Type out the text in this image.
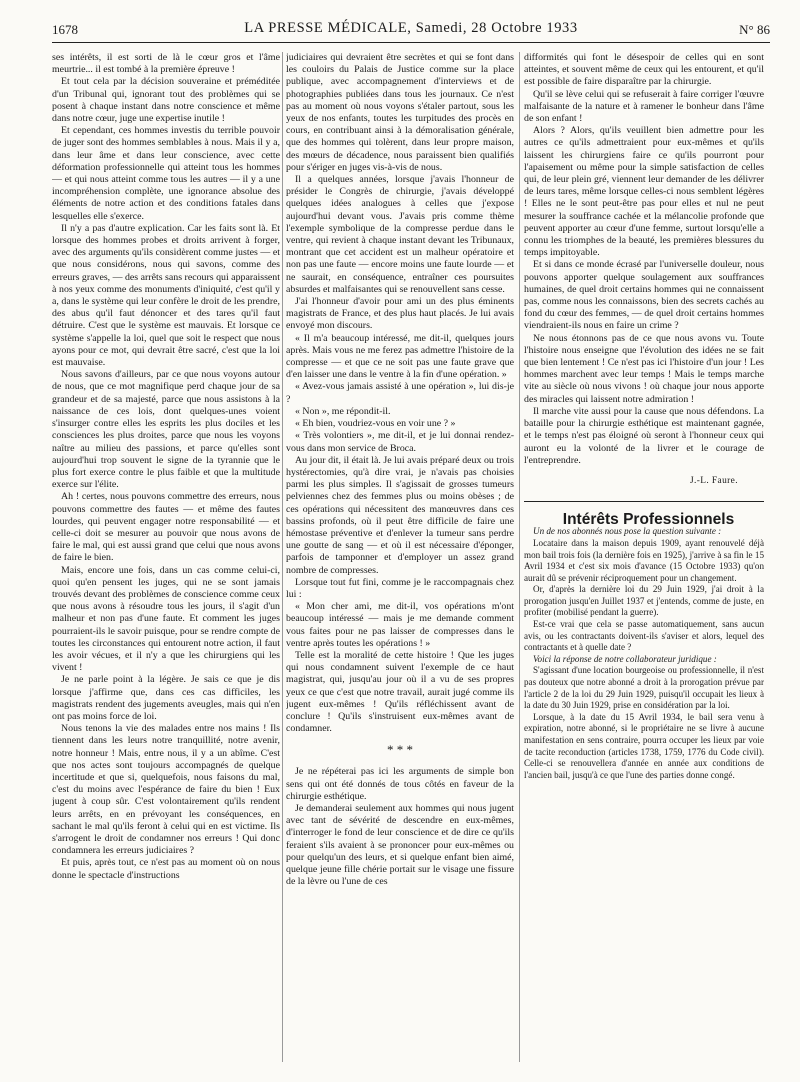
1678	LA PRESSE MÉDICALE, Samedi, 28 Octobre 1933	N° 86

ses intérêts, il est sorti de là le cœur gros et l'âme meurtrie... il est tombé à la première épreuve !

Et tout cela par la décision souveraine et préméditée d'un Tribunal qui, ignorant tout des problèmes qui se posent à chaque instant dans notre conscience et même dans notre cœur, juge une expertise inutile !

Et cependant, ces hommes investis du terrible pouvoir de juger sont des hommes semblables à nous. Mais il y a, dans leur âme et dans leur conscience, avec cette déformation professionnelle qui atteint tous les hommes — et qui nous atteint comme tous les autres — il y a une incompréhension complète, une ignorance absolue des éléments de notre action et des conditions fatales dans lesquelles elle s'exerce.

Il n'y a pas d'autre explication. Car les faits sont là. Et lorsque des hommes probes et droits arrivent à forger, avec des arguments qu'ils considèrent comme justes — et que nous considérons, nous qui savons, comme des erreurs graves, — des arrêts sans recours qui apparaissent à nos yeux comme des monuments d'iniquité, c'est qu'il y a, dans le système qui leur confère le droit de les prendre, des abus qu'il faut dénoncer et des tares qu'il faut détruire. C'est que le système est mauvais. Et lorsque ce système s'appelle la loi, quel que soit le respect que nous ayons pour ce mot, qui devrait être sacré, c'est que la loi est mauvaise.

Nous savons d'ailleurs, par ce que nous voyons autour de nous, que ce mot magnifique perd chaque jour de sa grandeur et de sa majesté, parce que nous assistons à la naissance de ces lois, dont quelques-unes voient s'insurger contre elles les esprits les plus dociles et les consciences les plus droites, parce que nous les voyons naître au milieu des passions, et parce qu'elles sont aujourd'hui trop souvent le signe de la tyrannie que le plus fort exerce contre le plus faible et que la multitude exerce sur l'élite.

Ah ! certes, nous pouvons commettre des erreurs, nous pouvons commettre des fautes — et même des fautes lourdes, qui peuvent engager notre responsabilité — et celle-ci doit se mesurer au pouvoir que nous avons de faire le mal, qui est aussi grand que celui que nous avons de faire le bien.

Mais, encore une fois, dans un cas comme celui-ci, quoi qu'en pensent les juges, qui ne se sont jamais trouvés devant des problèmes de conscience comme ceux que nous avons à résoudre tous les jours, il s'agit d'un malheur et non pas d'une faute. Et comment les juges pourraient-ils le savoir puisque, pour se rendre compte de toutes les circonstances qui entourent notre action, il faut les avoir vécues, et il n'y a que les chirurgiens qui les vivent !

Je ne parle point à la légère. Je sais ce que je dis lorsque j'affirme que, dans ces cas difficiles, les magistrats rendent des jugements aveugles, mais qui n'en ont pas moins force de loi.

Nous tenons la vie des malades entre nos mains ! Ils tiennent dans les leurs notre tranquillité, notre avenir, notre honneur ! Mais, entre nous, il y a un abîme. C'est que nos actes sont toujours accompagnés de quelque incertitude et que si, quelquefois, nous faisons du mal, c'est du moins avec l'espérance de faire du bien ! Eux jugent à coup sûr. C'est volontairement qu'ils rendent leurs arrêts, en en prévoyant les conséquences, en sachant le mal qu'ils feront à celui qui en est victime. Ils s'arrogent le droit de condamner nos erreurs ! Qui donc condamnera les erreurs judiciaires ?

Et puis, après tout, ce n'est pas au moment où on nous donne le spectacle d'instructions

judiciaires qui devraient être secrètes et qui se font dans les couloirs du Palais de Justice comme sur la place publique, avec accompagnement d'interviews et de photographies publiées dans tous les journaux. Ce n'est pas au moment où nous voyons s'étaler partout, sous les yeux de nos enfants, toutes les turpitudes des procès en cours, en contribuant ainsi à la démoralisation générale, que des hommes qui tolèrent, dans leur propre maison, des mœurs de décadence, nous paraissent bien qualifiés pour s'ériger en juges vis-à-vis de nous.

Il a quelques années, lorsque j'avais l'honneur de présider le Congrès de chirurgie, j'avais développé quelques idées analogues à celles que j'expose aujourd'hui devant vous. J'avais pris comme thème l'exemple symbolique de la compresse perdue dans le ventre, qui revient à chaque instant devant les Tribunaux, montrant que cet accident est un malheur opératoire et non pas une faute — encore moins une faute lourde — et ne saurait, en conséquence, entraîner ces poursuites absurdes et malfaisantes qui se renouvellent sans cesse.

J'ai l'honneur d'avoir pour ami un des plus éminents magistrats de France, et des plus haut placés. Je lui avais envoyé mon discours.

« Il m'a beaucoup intéressé, me dit-il, quelques jours après. Mais vous ne me ferez pas admettre l'histoire de la compresse — et que ce ne soit pas une faute grave que d'en laisser une dans le ventre à la fin d'une opération. »

« Avez-vous jamais assisté à une opération », lui dis-je ?

« Non », me répondit-il.

« Eh bien, voudriez-vous en voir une ? »

« Très volontiers », me dit-il, et je lui donnai rendez-vous dans mon service de Broca.

Au jour dit, il était là. Je lui avais préparé deux ou trois hystérectomies, qu'à dire vrai, je n'avais pas choisies parmi les plus simples. Il s'agissait de grosses tumeurs pelviennes chez des femmes plus ou moins obèses ; de ces opérations qui nécessitent des manœuvres dans ces bassins profonds, où il peut être difficile de faire une hémostase préventive et d'enlever la tumeur sans perdre une goutte de sang — et où il est nécessaire d'éponger, parfois de tamponner et d'employer un assez grand nombre de compresses.

Lorsque tout fut fini, comme je le raccompagnais chez lui :

« Mon cher ami, me dit-il, vos opérations m'ont beaucoup intéressé — mais je me demande comment vous faites pour ne pas laisser de compresses dans le ventre après toutes les opérations ! »

Telle est la moralité de cette histoire ! Que les juges qui nous condamnent suivent l'exemple de ce haut magistrat, qui, jusqu'au jour où il a vu de ses propres yeux ce que c'est que notre travail, aurait jugé comme ils jugent eux-mêmes ! Qu'ils réfléchissent avant de conclure ! Qu'ils s'instruisent eux-mêmes avant de condamner.

* * *

Je ne répéterai pas ici les arguments de simple bon sens qui ont été donnés de tous côtés en faveur de la chirurgie esthétique.

Je demanderai seulement aux hommes qui nous jugent avec tant de sévérité de descendre en eux-mêmes, d'interroger le fond de leur conscience et de dire ce qu'ils feraient s'ils avaient à se prononcer pour eux-mêmes ou pour quelqu'un des leurs, et si quelque enfant bien aimé, quelque jeune fille chérie portait sur le visage une fissure de la lèvre ou l'une de ces

difformités qui font le désespoir de celles qui en sont atteintes, et souvent même de ceux qui les entourent, et qu'il est possible de faire disparaître par la chirurgie.

Qu'il se lève celui qui se refuserait à faire corriger l'œuvre malfaisante de la nature et à ramener le bonheur dans l'âme de son enfant !

Alors ? Alors, qu'ils veuillent bien admettre pour les autres ce qu'ils admettraient pour eux-mêmes et qu'ils laissent les chirurgiens faire ce qu'ils pourront pour l'apaisement ou même pour la simple satisfaction de celles qui, de leur plein gré, viennent leur demander de les délivrer de leurs tares, même lorsque celles-ci nous semblent légères ! Elles ne le sont peut-être pas pour elles et nul ne peut mesurer la souffrance cachée et la mélancolie profonde que peuvent apporter au cœur d'une femme, surtout lorsqu'elle a connu les triomphes de la beauté, les premières blessures du temps impitoyable.

Et si dans ce monde écrasé par l'universelle douleur, nous pouvons apporter quelque soulagement aux souffrances humaines, de quel droit certains hommes qui ne connaissent pas, comme nous les connaissons, bien des secrets cachés au fond du cœur des femmes, — de quel droit certains hommes viendraient-ils nous en faire un crime ?

Ne nous étonnons pas de ce que nous avons vu. Toute l'histoire nous enseigne que l'évolution des idées ne se fait que bien lentement ! Ce n'est pas ici l'histoire d'un jour ! Les hommes marchent avec leur temps ! Mais le temps marche vite au siècle où nous vivons ! où chaque jour nous apporte des miracles qui laissent notre admiration !

Il marche vite aussi pour la cause que nous défendons. La bataille pour la chirurgie esthétique est maintenant gagnée, et le temps n'est pas éloigné où seront à l'honneur ceux qui auront eu la volonté de la livrer et le courage de l'entreprendre.

J.-L. Faure.

Intérêts Professionnels

Un de nos abonnés nous pose la question suivante :

Locataire dans la maison depuis 1909, ayant renouvelé déjà mon bail trois fois (la dernière fois en 1925), j'arrive à sa fin le 15 Avril 1934 et c'est six mois d'avance (15 Octobre 1933) qu'on aurait dû se prévenir réciproquement pour un changement.

Or, d'après la dernière loi du 29 Juin 1929, j'ai droit à la prorogation jusqu'en Juillet 1937 et j'entends, comme de juste, en profiter (mobilisé pendant la guerre).

Est-ce vrai que cela se passe automatiquement, sans aucun avis, ou les contractants doivent-ils s'aviser et alors, lequel des contractants et à quelle date ?

Voici la réponse de notre collaborateur juridique :

S'agissant d'une location bourgeoise ou professionnelle, il n'est pas douteux que notre abonné a droit à la prorogation prévue par l'article 2 de la loi du 29 Juin 1929, puisqu'il occupait les lieux à la date du 30 Juin 1929, prise en considération par la loi.

Lorsque, à la date du 15 Avril 1934, le bail sera venu à expiration, notre abonné, si le propriétaire ne se livre à aucune manifestation en sens contraire, pourra occuper les lieux par voie de tacite reconduction (articles 1738, 1759, 1776 du Code civil). Celle-ci se renouvellera d'année en année aux conditions de l'ancien bail, jusqu'à ce que l'une des parties donne congé.
